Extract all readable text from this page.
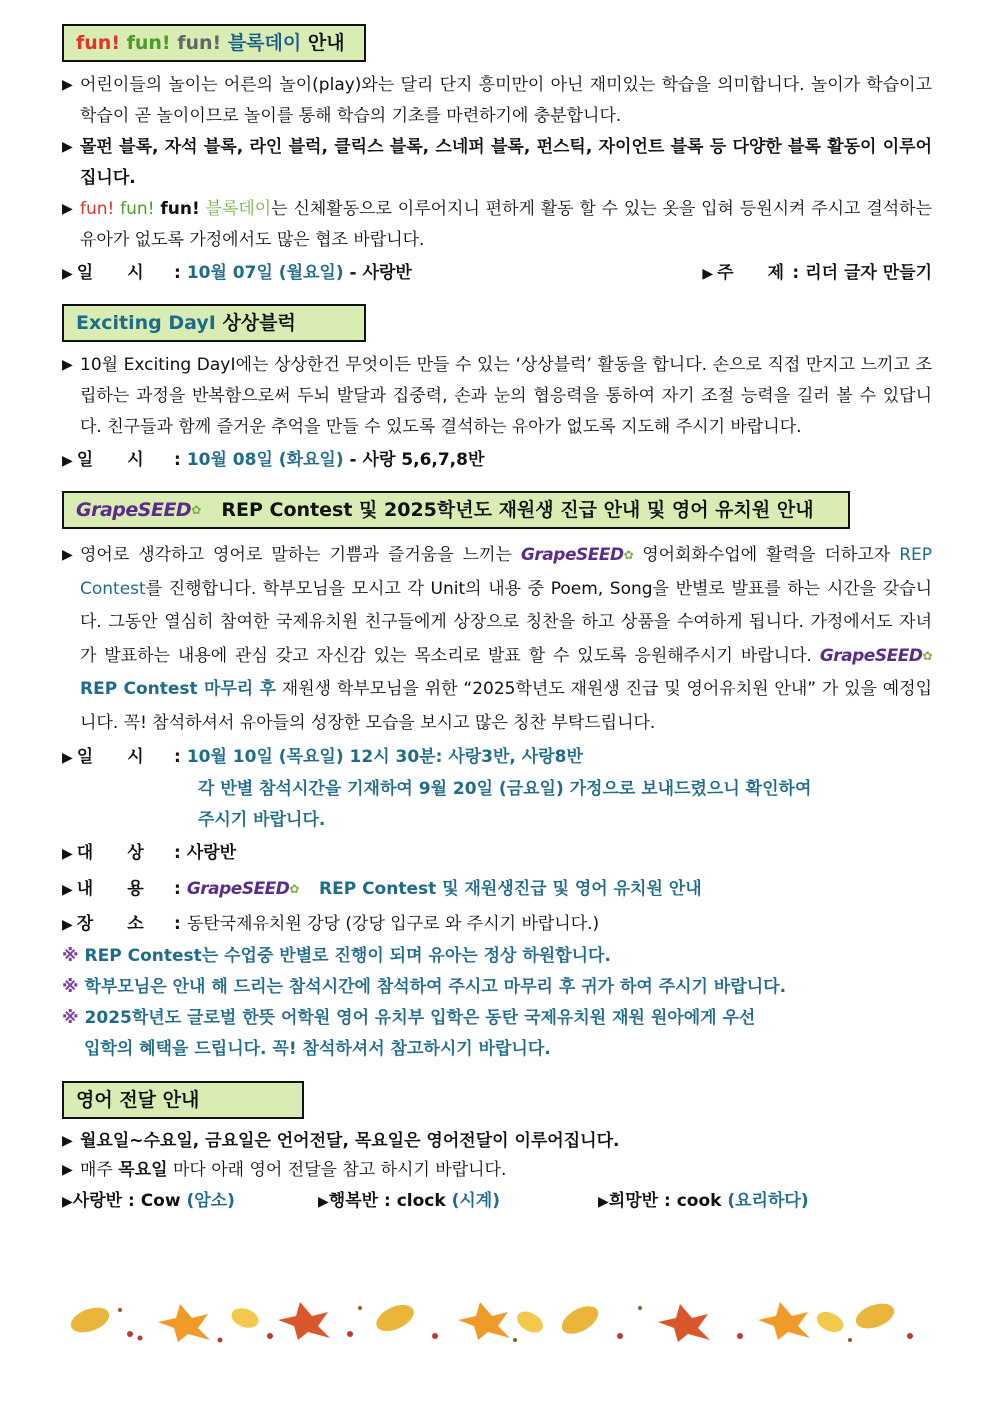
fun! fun! fun! 블록데이 안내
▶ 어린이들의 놀이는 어른의 놀이(play)와는 달리 단지 흥미만이 아닌 재미있는 학습을 의미합니다. 놀이가 학습이고 학습이 곧 놀이이므로 놀이를 통해 학습의 기초를 마련하기에 충분합니다.
▶ 몰펀 블록, 자석 블록, 라인 블럭, 클릭스 블록, 스네퍼 블록, 펀스틱, 자이언트 블록 등 다양한 블록 활동이 이루어집니다.
▶ fun! fun! fun! 블록데이는 신체활동으로 이루어지니 편하게 활동 할 수 있는 옷을 입혀 등원시켜 주시고 결석하는 유아가 없도록 가정에서도 많은 협조 바랍니다.
▶ 일　　시	: 10월 07일 (월요일) - 사랑반	▶ 주　　제 : 리더 글자 만들기
Exciting DayⅠ 상상블럭
▶ 10월 Exciting DayⅠ에는 상상한건 무엇이든 만들 수 있는 ‘상상블럭’ 활동을 합니다. 손으로 직접 만지고 느끼고 조립하는 과정을 반복함으로써 두뇌 발달과 집중력, 손과 눈의 협응력을 통하여 자기 조절 능력을 길러 볼 수 있답니다. 친구들과 함께 즐거운 추억을 만들 수 있도록 결석하는 유아가 없도록 지도해 주시기 바랍니다.
▶ 일　　시	: 10월 08일 (화요일) - 사랑 5,6,7,8반
GrapeSEED✿ REP Contest 및 2025학년도 재원생 진급 안내 및 영어 유치원 안내
▶ 영어로 생각하고 영어로 말하는 기쁨과 즐거움을 느끼는 GrapeSEED✿ 영어회화수업에 활력을 더하고자 REP Contest를 진행합니다. 학부모님을 모시고 각 Unit의 내용 중 Poem, Song을 반별로 발표를 하는 시간을 갖습니다. 그동안 열심히 참여한 국제유치원 친구들에게 상장으로 칭찬을 하고 상품을 수여하게 됩니다. 가정에서도 자녀가 발표하는 내용에 관심 갖고 자신감 있는 목소리로 발표 할 수 있도록 응원해주시기 바랍니다. GrapeSEED✿ REP Contest 마무리 후 재원생 학부모님을 위한 “2025학년도 재원생 진급 및 영어유치원 안내” 가 있을 예정입니다. 꼭! 참석하셔서 유아들의 성장한 모습을 보시고 많은 칭찬 부탁드립니다.
▶ 일　　시	: 10월 10일 (목요일) 12시 30분: 사랑3반, 사랑8반
각 반별 참석시간을 기재하여 9월 20일 (금요일) 가정으로 보내드렸으니 확인하여
주시기 바랍니다.
▶ 대　　상	: 사랑반
▶ 내　　용	: GrapeSEED✿ REP Contest 및 재원생진급 및 영어 유치원 안내
▶ 장　　소	: 동탄국제유치원 강당 (강당 입구로 와 주시기 바랍니다.)
※ REP Contest는 수업중 반별로 진행이 되며 유아는 정상 하원합니다.
※ 학부모님은 안내 해 드리는 참석시간에 참석하여 주시고 마무리 후 귀가 하여 주시기 바랍니다.
※ 2025학년도 글로벌 한뜻 어학원 영어 유치부 입학은 동탄 국제유치원 재원 원아에게 우선
입학의 혜택을 드립니다. 꼭! 참석하셔서 참고하시기 바랍니다.
영어 전달 안내
▶ 월요일~수요일, 금요일은 언어전달, 목요일은 영어전달이 이루어집니다.
▶ 매주 목요일 마다 아래 영어 전달을 참고 하시기 바랍니다.
▶사랑반 : Cow (암소)	▶행복반 : clock (시계)	▶희망반 : cook (요리하다)
